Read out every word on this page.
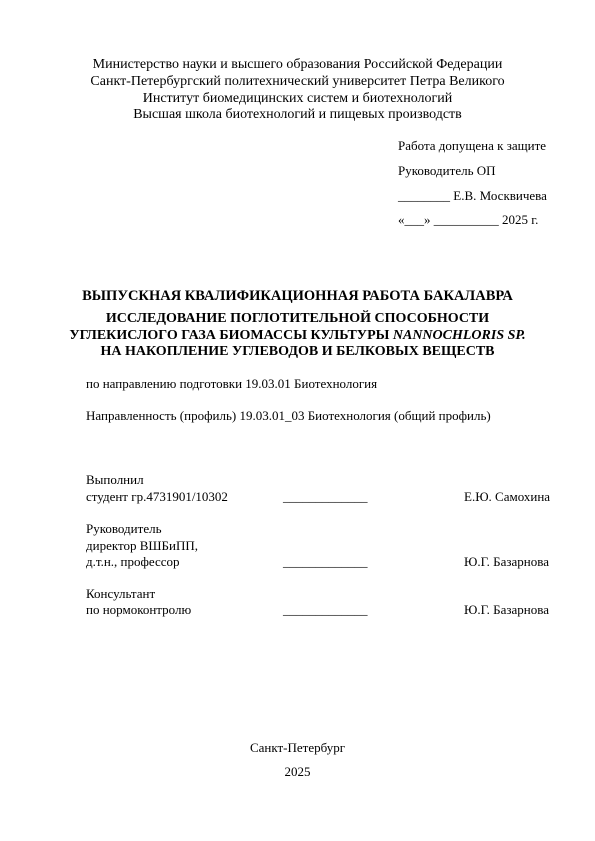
Министерство науки и высшего образования Российской Федерации
Санкт-Петербургский политехнический университет Петра Великого
Институт биомедицинских систем и биотехнологий
Высшая школа биотехнологий и пищевых производств
Работа допущена к защите
Руководитель ОП
________ Е.В. Москвичева
«___» __________ 2025 г.
ВЫПУСКНАЯ КВАЛИФИКАЦИОННАЯ РАБОТА БАКАЛАВРА
ИССЛЕДОВАНИЕ ПОГЛОТИТЕЛЬНОЙ СПОСОБНОСТИ
УГЛЕКИСЛОГО ГАЗА БИОМАССЫ КУЛЬТУРЫ NANNOCHLORIS SP.
НА НАКОПЛЕНИЕ УГЛЕВОДОВ И БЕЛКОВЫХ ВЕЩЕСТВ
по направлению подготовки 19.03.01 Биотехнология
Направленность (профиль) 19.03.01_03 Биотехнология (общий профиль)
Выполнил
студент гр.4731901/10302	_____________	Е.Ю. Самохина
Руководитель
директор ВШБиПП,
д.т.н., профессор	_____________	Ю.Г. Базарнова
Консультант
по нормоконтролю	_____________	Ю.Г. Базарнова
Санкт-Петербург
2025
